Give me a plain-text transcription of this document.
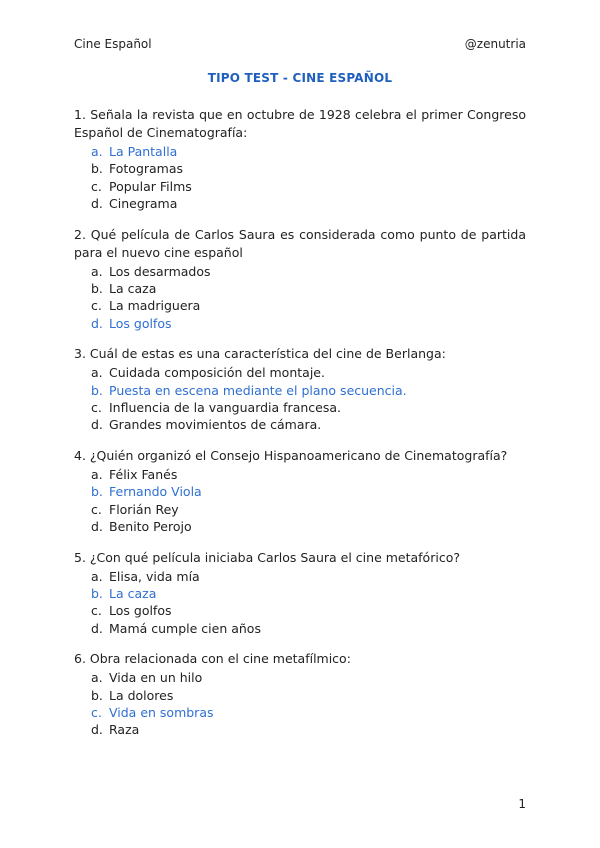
Cine Español	@zenutria
TIPO TEST - CINE ESPAÑOL
1. Señala la revista que en octubre de 1928 celebra el primer Congreso Español de Cinematografía:
a. La Pantalla
b. Fotogramas
c. Popular Films
d. Cinegrama
2. Qué película de Carlos Saura es considerada como punto de partida para el nuevo cine español
a. Los desarmados
b. La caza
c. La madriguera
d. Los golfos
3. Cuál de estas es una característica del cine de Berlanga:
a. Cuidada composición del montaje.
b. Puesta en escena mediante el plano secuencia.
c. Influencia de la vanguardia francesa.
d. Grandes movimientos de cámara.
4. ¿Quién organizó el Consejo Hispanoamericano de Cinematografía?
a. Félix Fanés
b. Fernando Viola
c. Florián Rey
d. Benito Perojo
5. ¿Con qué película iniciaba Carlos Saura el cine metafórico?
a. Elisa, vida mía
b. La caza
c. Los golfos
d. Mamá cumple cien años
6. Obra relacionada con el cine metafílmico:
a. Vida en un hilo
b. La dolores
c. Vida en sombras
d. Raza
1
